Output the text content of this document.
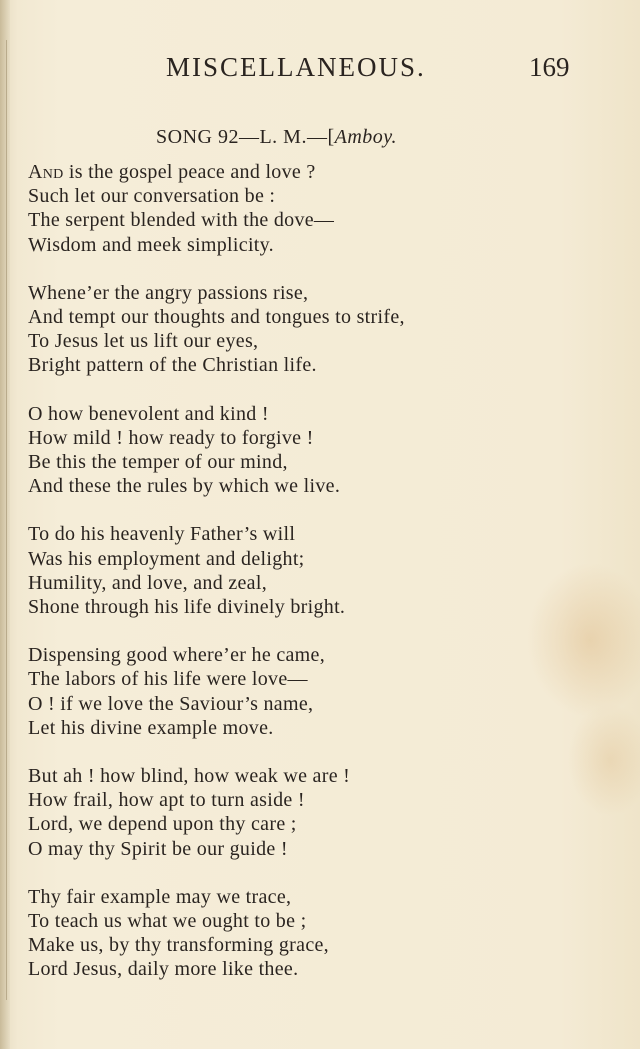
MISCELLANEOUS.	169
SONG 92—L. M.—[Amboy.
And is the gospel peace and love ?
Such let our conversation be :
The serpent blended with the dove—
Wisdom and meek simplicity.
Whene’er the angry passions rise,
And tempt our thoughts and tongues to strife,
To Jesus let us lift our eyes,
Bright pattern of the Christian life.
O how benevolent and kind !
How mild ! how ready to forgive !
Be this the temper of our mind,
And these the rules by which we live.
To do his heavenly Father’s will
Was his employment and delight;
Humility, and love, and zeal,
Shone through his life divinely bright.
Dispensing good where’er he came,
The labors of his life were love—
O ! if we love the Saviour’s name,
Let his divine example move.
But ah ! how blind, how weak we are !
How frail, how apt to turn aside !
Lord, we depend upon thy care ;
O may thy Spirit be our guide !
Thy fair example may we trace,
To teach us what we ought to be ;
Make us, by thy transforming grace,
Lord Jesus, daily more like thee.
